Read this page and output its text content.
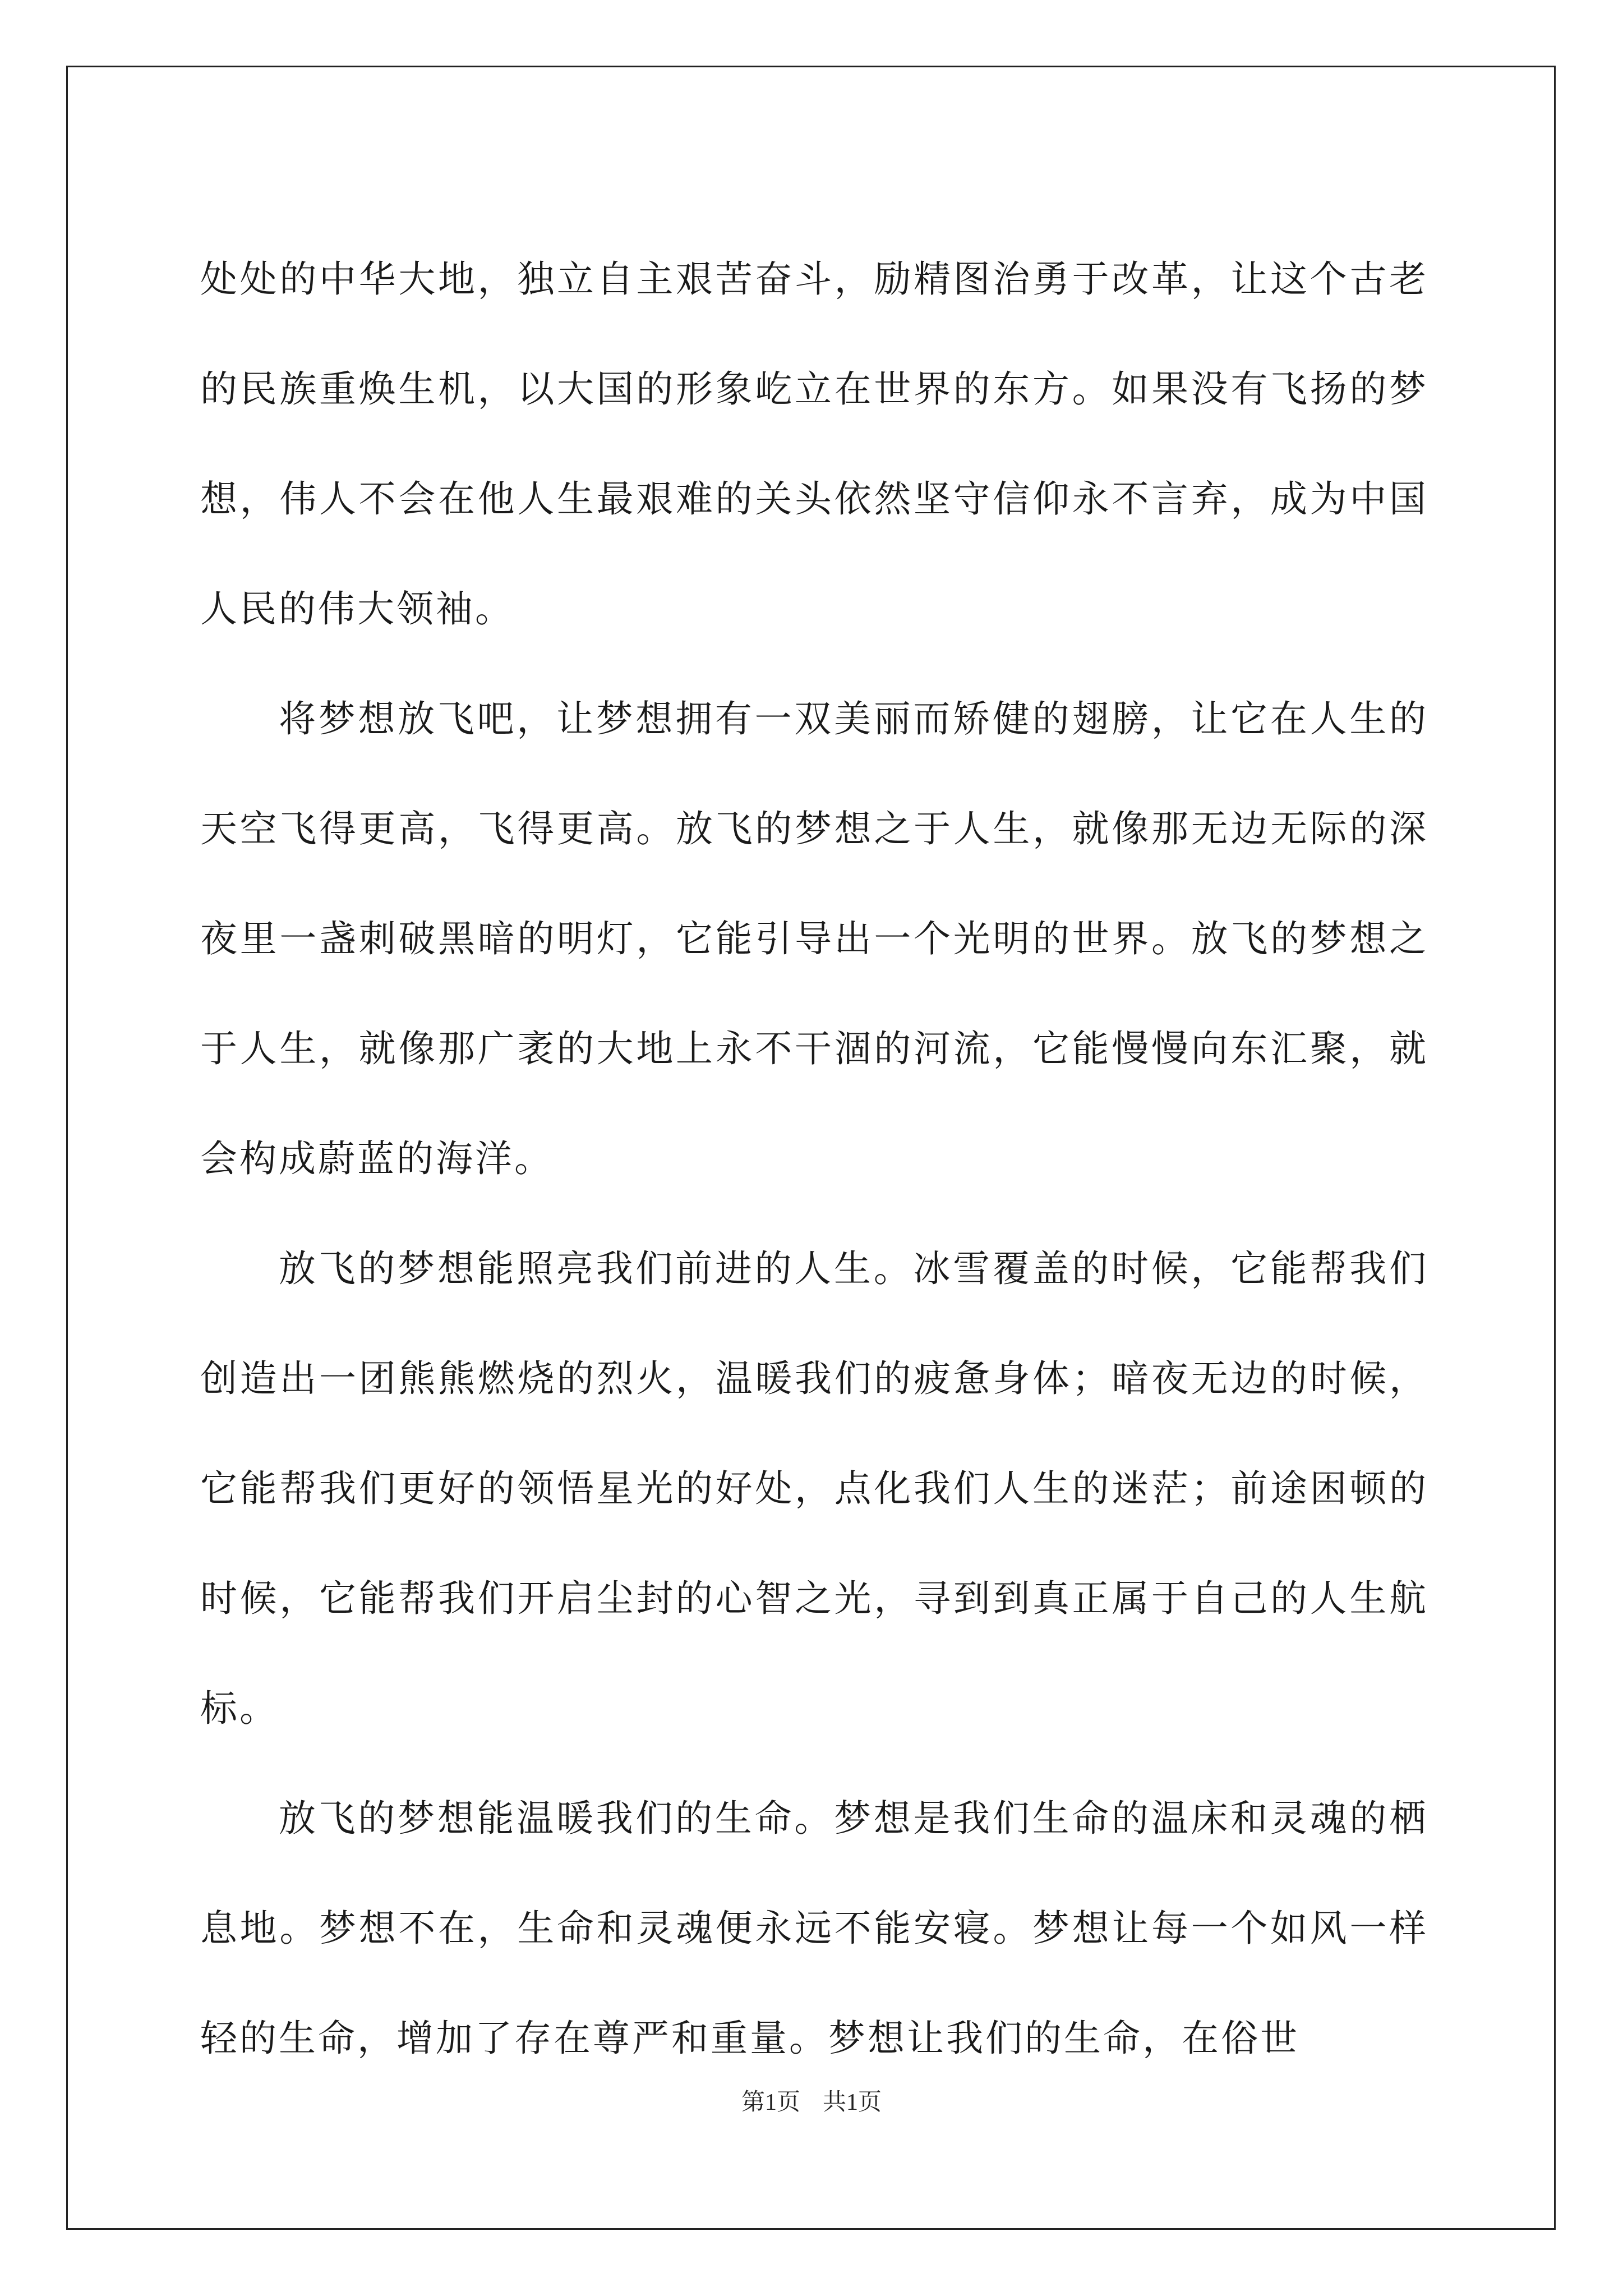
处处的中华大地，独立自主艰苦奋斗，励精图治勇于改革，让这个古老的民族重焕生机，以大国的形象屹立在世界的东方。如果没有飞扬的梦想，伟人不会在他人生最艰难的关头依然坚守信仰永不言弃，成为中国人民的伟大领袖。

将梦想放飞吧，让梦想拥有一双美丽而矫健的翅膀，让它在人生的天空飞得更高，飞得更高。放飞的梦想之于人生，就像那无边无际的深夜里一盏刺破黑暗的明灯，它能引导出一个光明的世界。放飞的梦想之于人生，就像那广袤的大地上永不干涸的河流，它能慢慢向东汇聚，就会构成蔚蓝的海洋。

放飞的梦想能照亮我们前进的人生。冰雪覆盖的时候，它能帮我们创造出一团熊熊燃烧的烈火，温暖我们的疲惫身体；暗夜无边的时候，它能帮我们更好的领悟星光的好处，点化我们人生的迷茫；前途困顿的时候，它能帮我们开启尘封的心智之光，寻到到真正属于自己的人生航标。

放飞的梦想能温暖我们的生命。梦想是我们生命的温床和灵魂的栖息地。梦想不在，生命和灵魂便永远不能安寝。梦想让每一个如风一样轻的生命，增加了存在尊严和重量。梦想让我们的生命，在俗世

第1页 共1页
